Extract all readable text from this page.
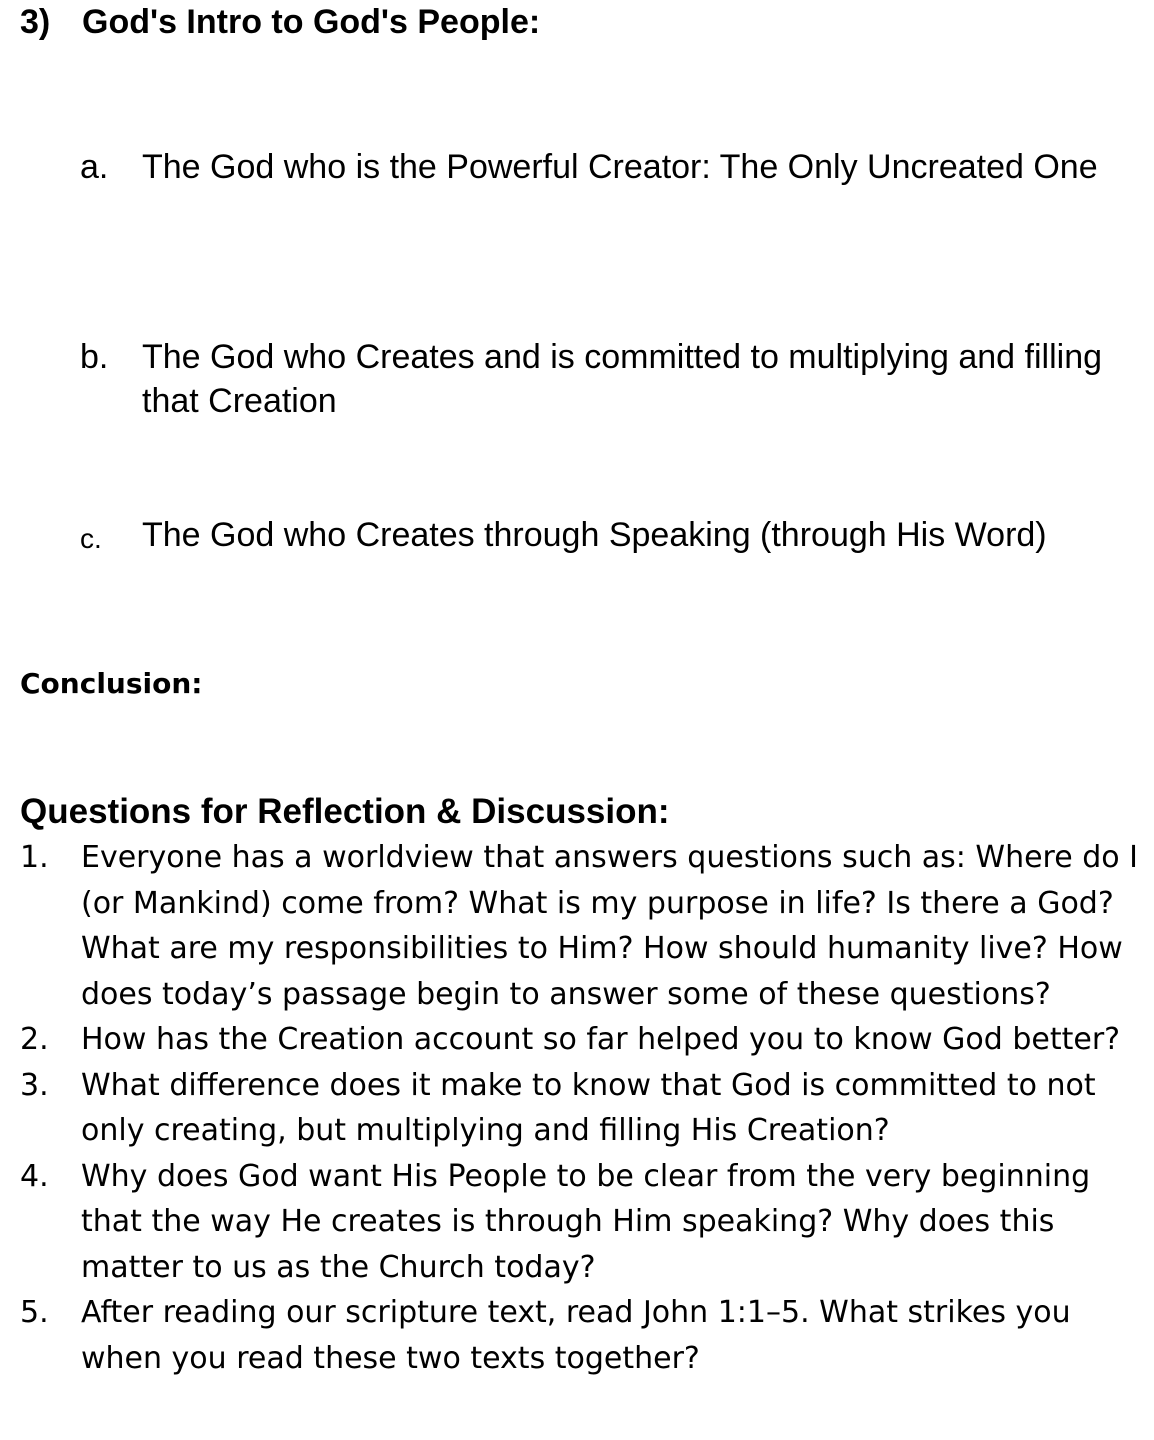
3) God's Intro to God's People:
a. The God who is the Powerful Creator: The Only Uncreated One
b. The God who Creates and is committed to multiplying and filling that Creation
c.	The God who Creates through Speaking (through His Word)
Conclusion:
Questions for Reflection & Discussion:
1. Everyone has a worldview that answers questions such as: Where do I (or Mankind) come from? What is my purpose in life? Is there a God? What are my responsibilities to Him? How should humanity live? How does today’s passage begin to answer some of these questions?
2. How has the Creation account so far helped you to know God better?
3. What difference does it make to know that God is committed to not only creating, but multiplying and filling His Creation?
4. Why does God want His People to be clear from the very beginning that the way He creates is through Him speaking? Why does this matter to us as the Church today?
5. After reading our scripture text, read John 1:1–5. What strikes you when you read these two texts together?
